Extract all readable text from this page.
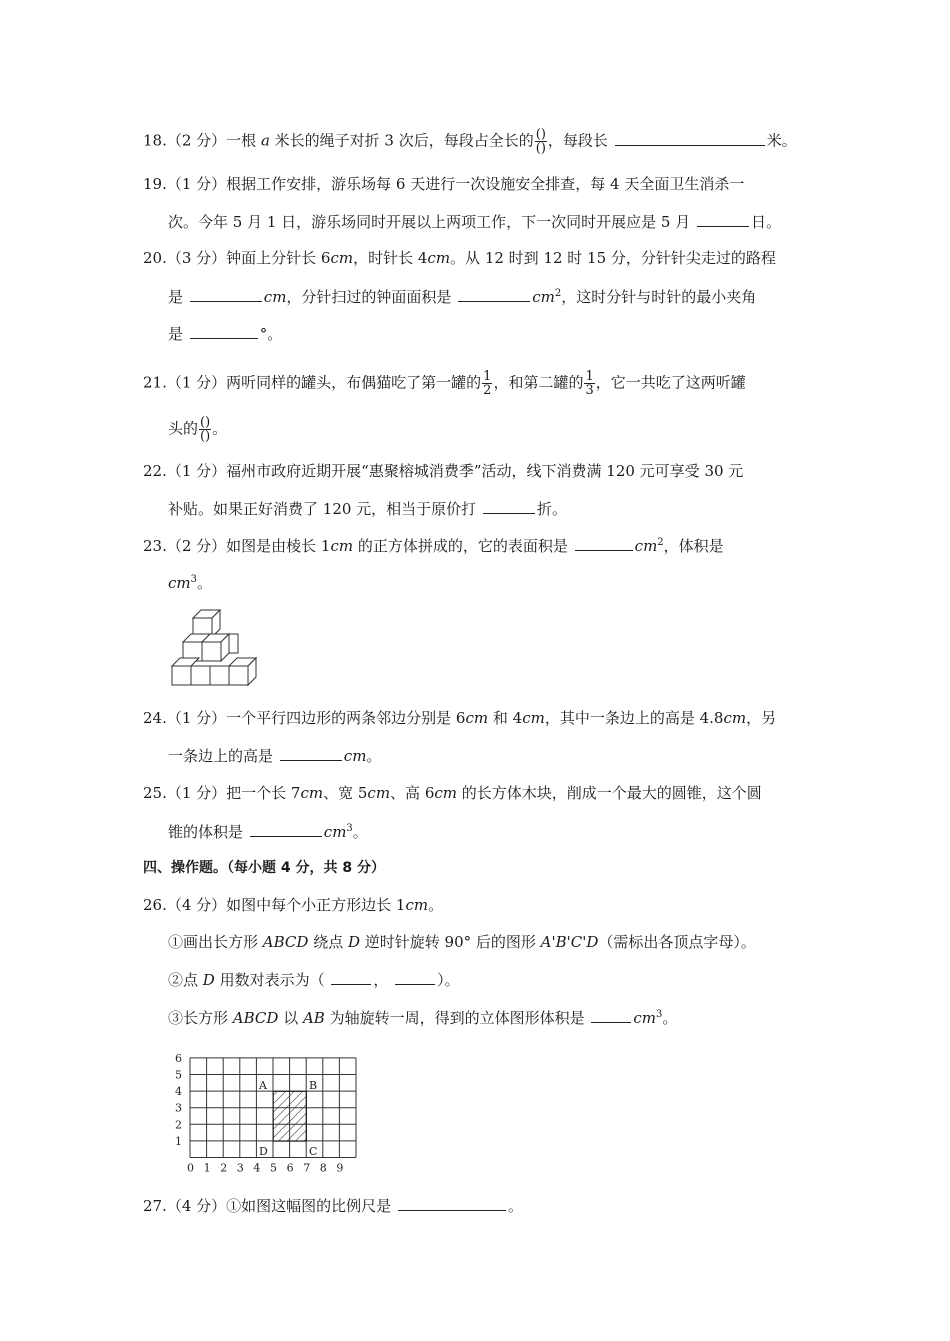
18.（2 分）一根 a 米长的绳子对折 3 次后，每段占全长的 $\frac{()}{()}$ ，每段长	米。
19.（1 分）根据工作安排，游乐场每 6 天进行一次设施安全排查，每 4 天全面卫生消杀一
次。今年 5 月 1 日，游乐场同时开展以上两项工作，下一次同时开展应是 5 月	日。
20.（3 分）钟面上分针长 6cm，时针长 4cm。从 12 时到 12 时 15 分，分针针尖走过的路程
是	cm，分针扫过的钟面面积是	$cm^2$，这时分针与时针的最小夹角
是	°。
21.（1 分）两听同样的罐头，布偶猫吃了第一罐的 $\frac{1}{2}$ ，和第二罐的 $\frac{1}{3}$ ，它一共吃了这两听罐
头的 $\frac{()}{()}$ 。
22.（1 分）福州市政府近期开展“惠聚榕城消费季”活动，线下消费满 120 元可享受 30 元
补贴。如果正好消费了 120 元，相当于原价打	折。
23.（2 分）如图是由棱长 1cm 的正方体拼成的，它的表面积是	$cm^2$，体积是
$cm^3$。
24.（1 分）一个平行四边形的两条邻边分别是 6cm 和 4cm，其中一条边上的高是 4.8cm，另
一条边上的高是	cm。
25.（1 分）把一个长 7cm、宽 5cm、高 6cm 的长方体木块，削成一个最大的圆锥，这个圆
锥的体积是	$cm^3$。
四、操作题。（每小题 4 分，共 8 分）
26.（4 分）如图中每个小正方形边长 1cm。
①画出长方形 ABCD 绕点 D 逆时针旋转 90° 后的图形 A'B'C'D（需标出各顶点字母）。
②点 D 用数对表示为（	，	）。
③长方形 ABCD 以 AB 为轴旋转一周，得到的立体图形体积是	$cm^3$。
0 1 2 3 4 5 6 7 8 9
1
2
3
4
5
6
A	B
C
D
27.（4 分）①如图这幅图的比例尺是	。
